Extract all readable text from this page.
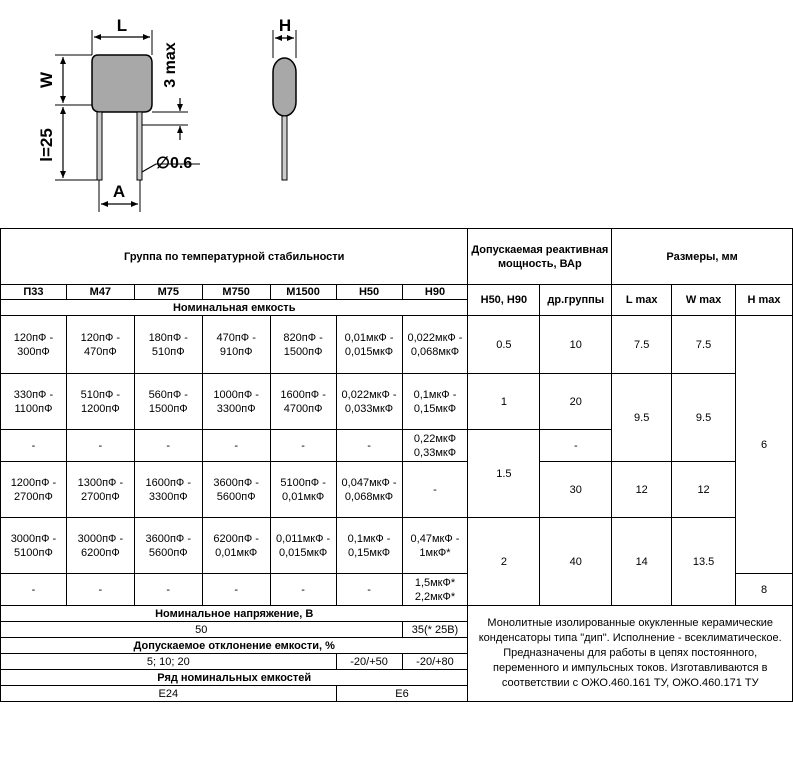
L
W
l=25
3 max
A
∅0.6
H
Группа по температурной стабильности							Допускаемая реактивная мощность, ВАр		Размеры, мм		
П33	М47	М75	М750	М1500	Н50	Н90	Н50, Н90	др.группы	L max	W max	H max
Номинальная емкость											
120пФ - 300пФ	120пФ - 470пФ	180пФ - 510пФ	470пФ - 910пФ	820пФ - 1500пФ	0,01мкФ - 0,015мкФ	0,022мкФ - 0,068мкФ	0.5	10	7.5	7.5	6
330пФ - 1100пФ	510пФ - 1200пФ	560пФ - 1500пФ	1000пФ - 3300пФ	1600пФ - 4700пФ	0,022мкФ - 0,033мкФ	0,1мкФ - 0,15мкФ	1	20	9.5	9.5	
-	-	-	-	-	-	0,22мкФ 0,33мкФ	1.5	-			
1200пФ - 2700пФ	1300пФ - 2700пФ	1600пФ - 3300пФ	3600пФ - 5600пФ	5100пФ - 0,01мкФ	0,047мкФ - 0,068мкФ	-		30	12	12	
3000пФ - 5100пФ	3000пФ - 6200пФ	3600пФ - 5600пФ	6200пФ - 0,01мкФ	0,011мкФ - 0,015мкФ	0,1мкФ - 0,15мкФ	0,47мкФ - 1мкФ*	2	40	14	13.5	
-	-	-	-	-	-	1,5мкФ* 2,2мкФ*					8
Номинальное напряжение, В							Монолитные изолированные окукленные керамические конденсаторы типа "дип". Исполнение - всеклиматическое. Предназначены для работы в цепях постоянного, переменного и импульсных токов. Изготавливаются в соответствии с ОЖО.460.161 ТУ, ОЖО.460.171 ТУ				
50						35(* 25В)					
Допускаемое отклонение емкости, %											
5; 10; 20					-20/+50	-20/+80					
Ряд номинальных емкостей											
Е24					Е6						
